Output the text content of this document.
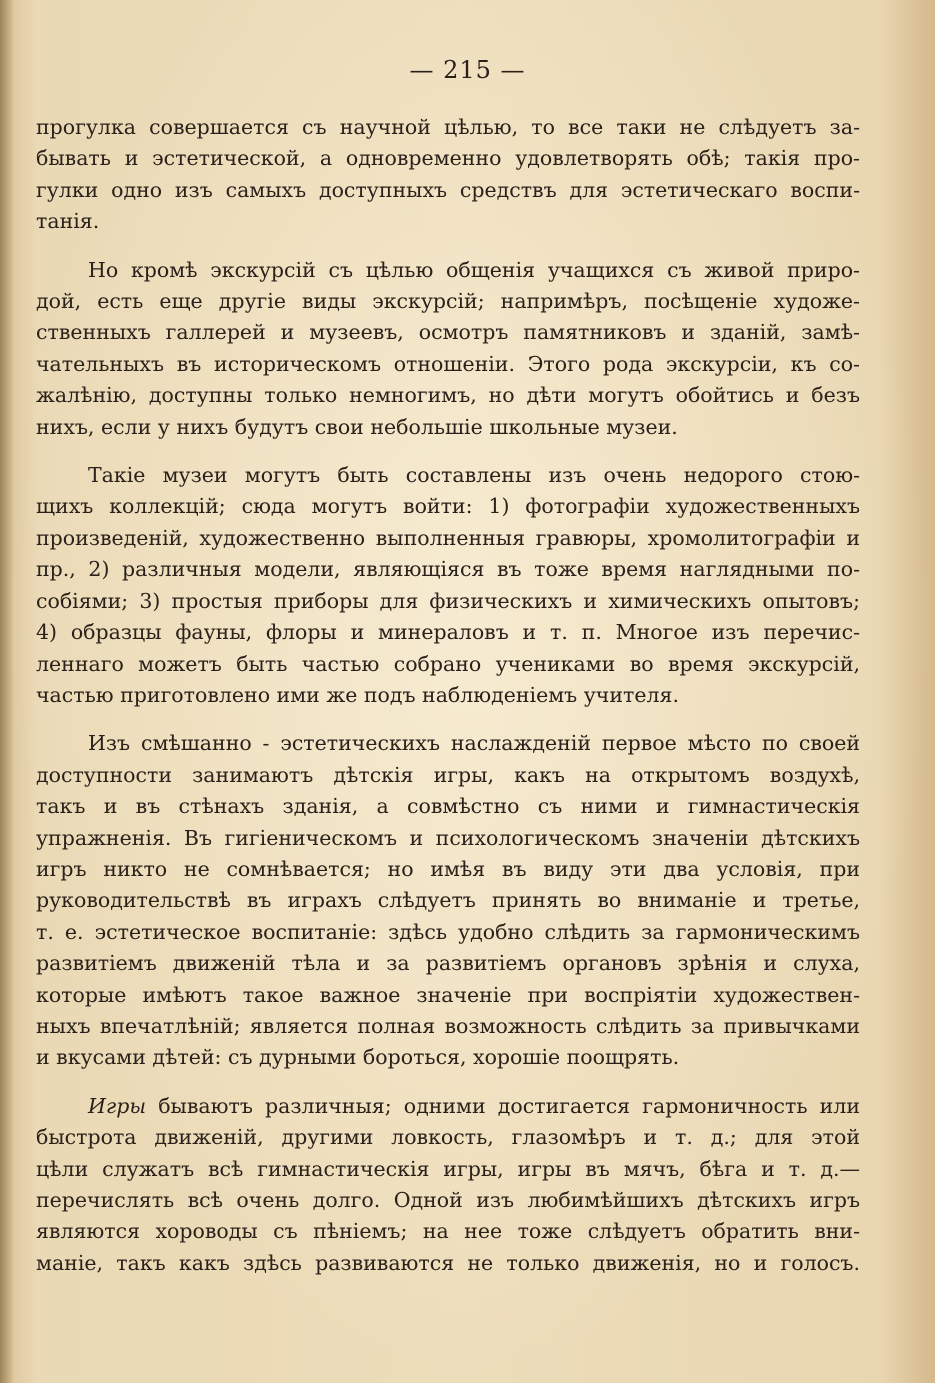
— 215 —
прогулка совершается съ научной цѣлью, то все таки не слѣдуетъ за-
бывать и эстетической, а одновременно удовлетворять обѣ; такія про-
гулки одно изъ самыхъ доступныхъ средствъ для эстетическаго воспи-
танія.
Но кромѣ экскурсій съ цѣлью общенія учащихся съ живой приро-
дой, есть еще другіе виды экскурсій; напримѣръ, посѣщеніе художе-
ственныхъ галлерей и музеевъ, осмотръ памятниковъ и зданій, замѣ-
чательныхъ въ историческомъ отношеніи. Этого рода экскурсіи, къ со-
жалѣнію, доступны только немногимъ, но дѣти могутъ обойтись и безъ
нихъ, если у нихъ будутъ свои небольшіе школьные музеи.
Такіе музеи могутъ быть составлены изъ очень недорого стою-
щихъ коллекцій; сюда могутъ войти: 1) фотографіи художественныхъ
произведеній, художественно выполненныя гравюры, хромолитографіи и
пр., 2) различныя модели, являющіяся въ тоже время наглядными по-
собіями; 3) простыя приборы для физическихъ и химическихъ опытовъ;
4) образцы фауны, флоры и минераловъ и т. п. Многое изъ перечис-
леннаго можетъ быть частью собрано учениками во время экскурсій,
частью приготовлено ими же подъ наблюденіемъ учителя.
Изъ смѣшанно - эстетическихъ наслажденій первое мѣсто по своей
доступности занимаютъ дѣтскія игры, какъ на открытомъ воздухѣ,
такъ и въ стѣнахъ зданія, а совмѣстно съ ними и гимнастическія
упражненія. Въ гигіеническомъ и психологическомъ значеніи дѣтскихъ
игръ никто не сомнѣвается; но имѣя въ виду эти два условія, при
руководительствѣ въ играхъ слѣдуетъ принять во вниманіе и третье,
т. е. эстетическое воспитаніе: здѣсь удобно слѣдить за гармоническимъ
развитіемъ движеній тѣла и за развитіемъ органовъ зрѣнія и слуха,
которые имѣютъ такое важное значеніе при воспріятіи художествен-
ныхъ впечатлѣній; является полная возможность слѣдить за привычками
и вкусами дѣтей: съ дурными бороться, хорошіе поощрять.
Игры бываютъ различныя; одними достигается гармоничность или
быстрота движеній, другими ловкость, глазомѣръ и т. д.; для этой
цѣли служатъ всѣ гимнастическія игры, игры въ мячъ, бѣга и т. д.—
перечислять всѣ очень долго. Одной изъ любимѣйшихъ дѣтскихъ игръ
являются хороводы съ пѣніемъ; на нее тоже слѣдуетъ обратить вни-
маніе, такъ какъ здѣсь развиваются не только движенія, но и голосъ.
